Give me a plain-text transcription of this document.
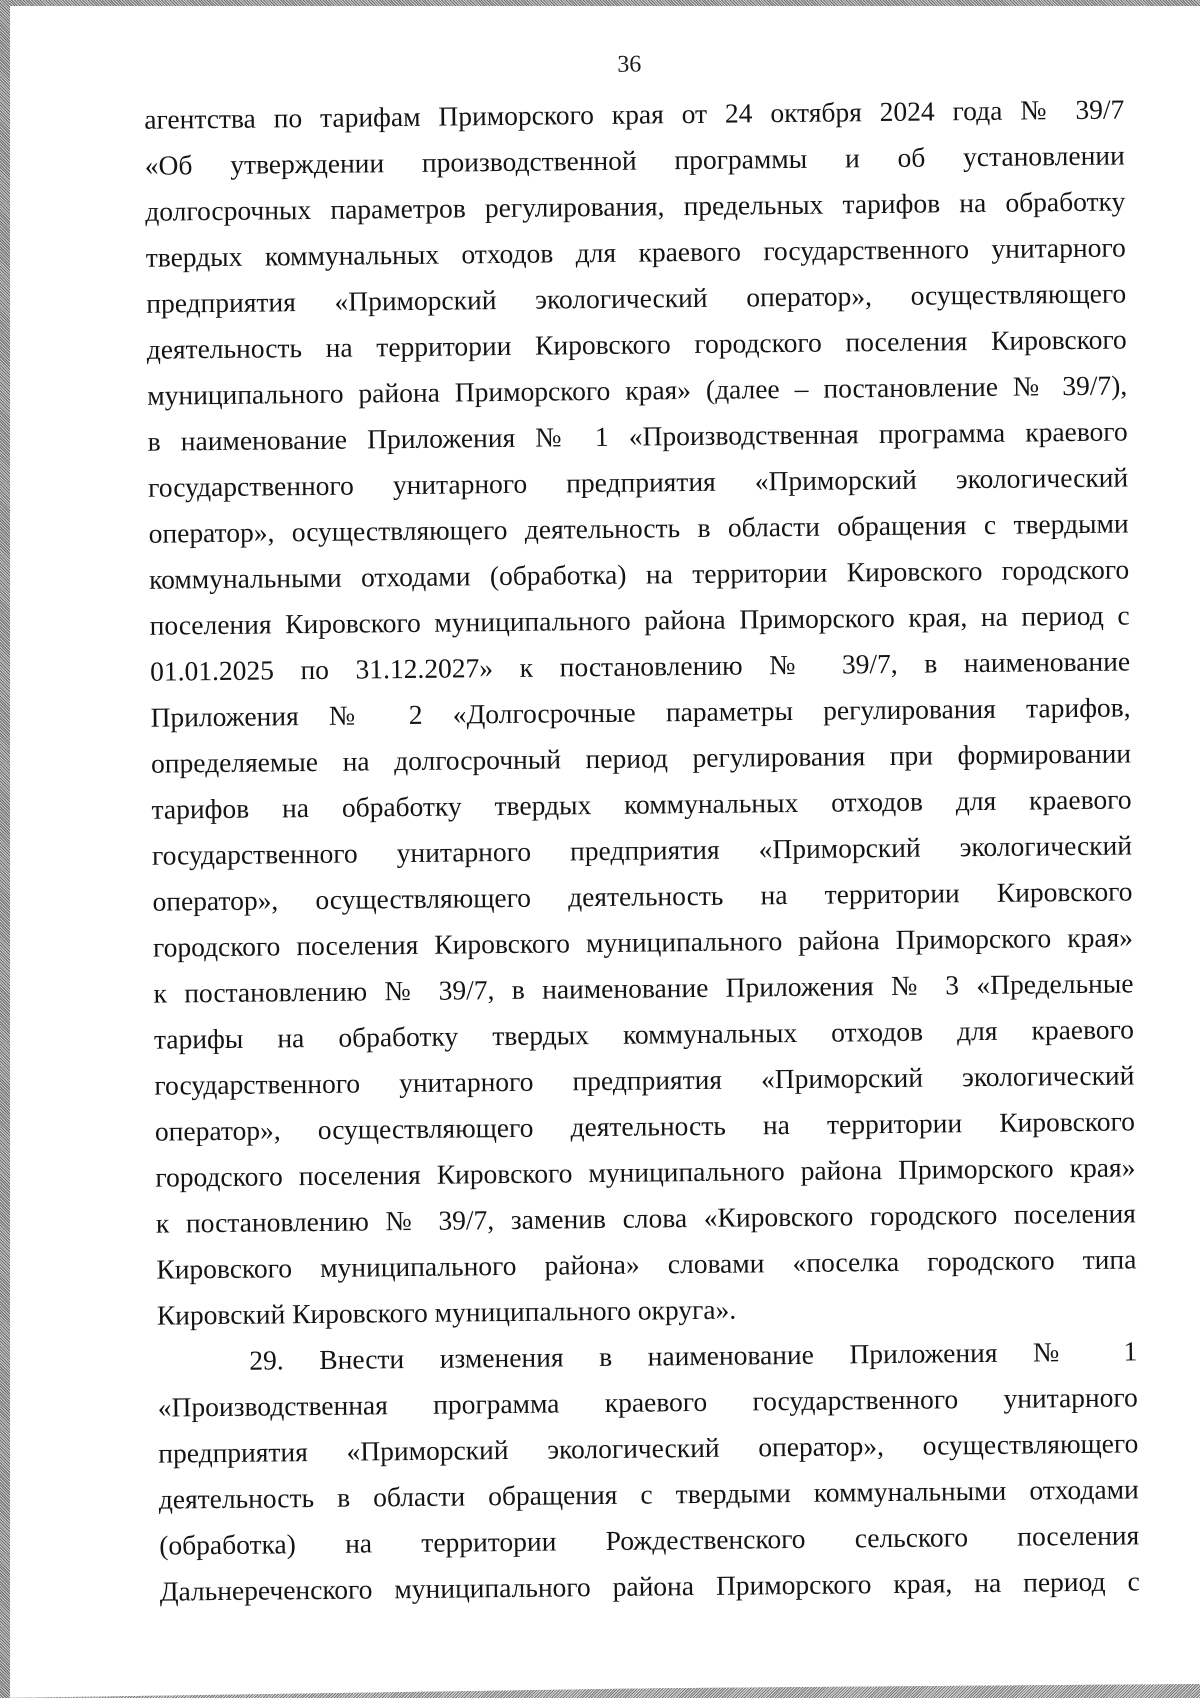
36
агентства по тарифам Приморского края от 24 октября 2024 года № 39/7
«Об утверждении производственной программы и об установлении
долгосрочных параметров регулирования, предельных тарифов на обработку
твердых коммунальных отходов для краевого государственного унитарного
предприятия «Приморский экологический оператор», осуществляющего
деятельность на территории Кировского городского поселения Кировского
муниципального района Приморского края» (далее – постановление № 39/7),
в наименование Приложения № 1 «Производственная программа краевого
государственного унитарного предприятия «Приморский экологический
оператор», осуществляющего деятельность в области обращения с твердыми
коммунальными отходами (обработка) на территории Кировского городского
поселения Кировского муниципального района Приморского края, на период с
01.01.2025 по 31.12.2027» к постановлению № 39/7, в наименование
Приложения № 2 «Долгосрочные параметры регулирования тарифов,
определяемые на долгосрочный период регулирования при формировании
тарифов на обработку твердых коммунальных отходов для краевого
государственного унитарного предприятия «Приморский экологический
оператор», осуществляющего деятельность на территории Кировского
городского поселения Кировского муниципального района Приморского края»
к постановлению № 39/7, в наименование Приложения № 3 «Предельные
тарифы на обработку твердых коммунальных отходов для краевого
государственного унитарного предприятия «Приморский экологический
оператор», осуществляющего деятельность на территории Кировского
городского поселения Кировского муниципального района Приморского края»
к постановлению № 39/7, заменив слова «Кировского городского поселения
Кировского муниципального района» словами «поселка городского типа
Кировский Кировского муниципального округа».
29. Внести изменения в наименование Приложения № 1
«Производственная программа краевого государственного унитарного
предприятия «Приморский экологический оператор», осуществляющего
деятельность в области обращения с твердыми коммунальными отходами
(обработка) на территории Рождественского сельского поселения
Дальнереченского муниципального района Приморского края, на период с
